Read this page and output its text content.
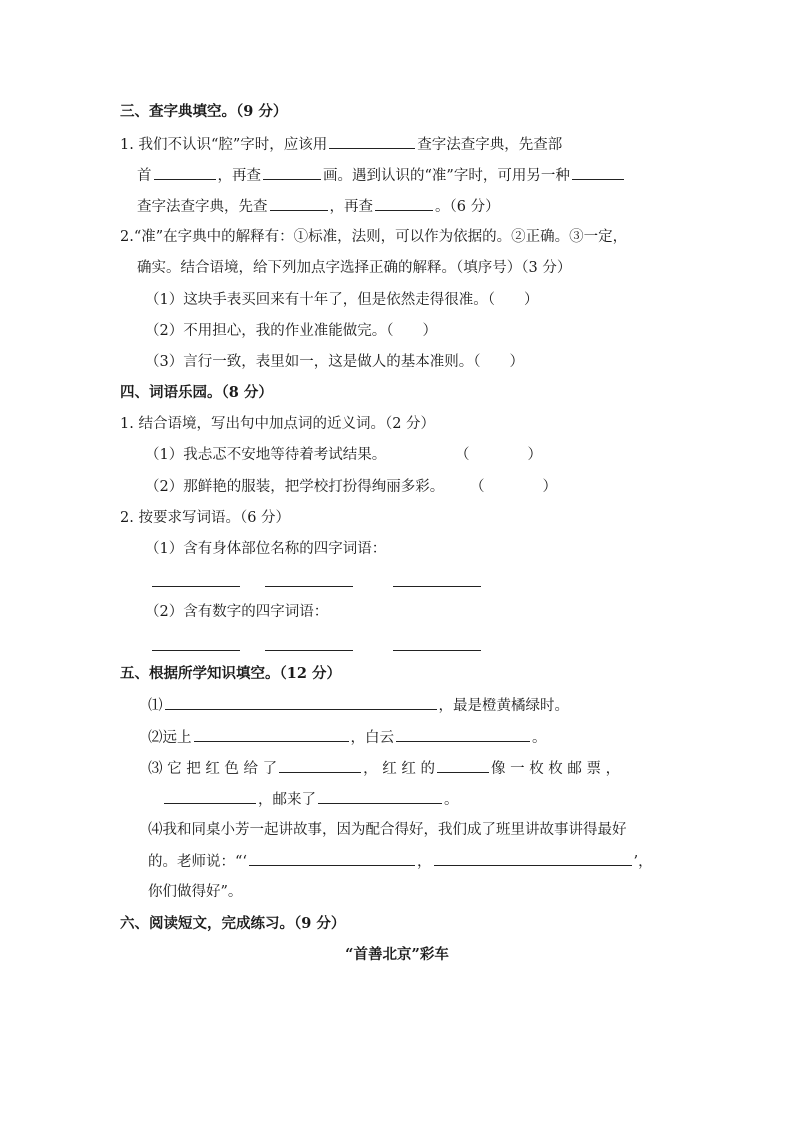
三、查字典填空。（9 分）
1. 我们不认识“腔”字时，应该用	查字法查字典，先查部
首	，再查	画。遇到认识的“准”字时，可用另一种
查字法查字典，先查	，再查	。（6 分）
2.“准”在字典中的解释有：①标准，法则，可以作为依据的。②正确。③一定，
确实。结合语境，给下列加点字选择正确的解释。（填序号）（3 分）
（1）这块手表买回来有十年了，但是依然走得很准。（　　）
（2）不用担心，我的作业准能做完。（　　）
（3）言行一致，表里如一，这是做人的基本准则。（　　）
四、词语乐园。（8 分）
1. 结合语境，写出句中加点词的近义词。（2 分）
（1）我忐忑不安地等待着考试结果。	（　　　　）
（2）那鲜艳的服装，把学校打扮得绚丽多彩。 （　　　　）
2. 按要求写词语。（6 分）
（1）含有身体部位名称的四字词语：
（2）含有数字的四字词语：
五、根据所学知识填空。（12 分）
⑴	，最是橙黄橘绿时。
⑵远上	，白云	。
⑶ 它 把 红 色 给 了	， 红 红 的	像 一 枚 枚 邮 票 ，
，邮来了	。
⑷我和同桌小芳一起讲故事，因为配合得好，我们成了班里讲故事讲得最好
的。老师说：“‘	，	’，
你们做得好”。
六、阅读短文，完成练习。（9 分）
“首善北京”彩车
